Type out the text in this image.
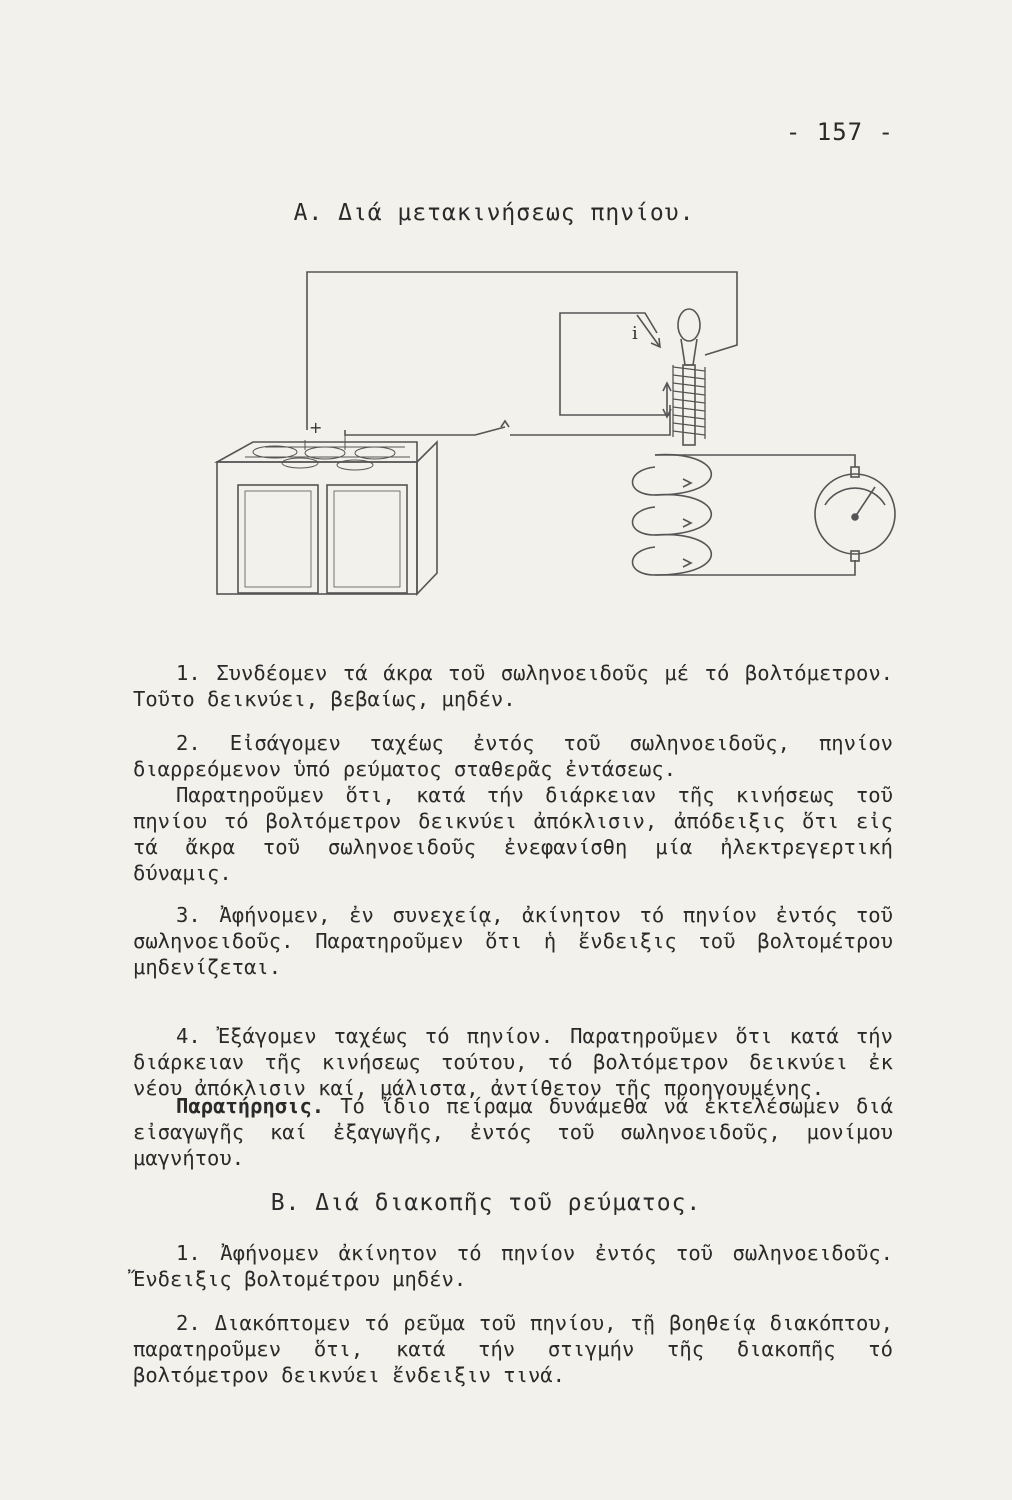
- 157 -
A. Διά μετακινήσεως πηνίου.
i
+

1. Συνδέομεν τά άκρα τοῦ σωληνοειδοῦς μέ τό βολτόμετρον. Τοῦτο δεικνύει, βεβαίως, μηδέν.

2. Εἰσάγομεν ταχέως ἐντός τοῦ σωληνοειδοῦς, πηνίον διαρρεόμενον ὑπό ρεύματος σταθερᾶς ἐντάσεως.

Παρατηροῦμεν ὅτι, κατά τήν διάρκειαν τῆς κινήσεως τοῦ πηνίου τό βολτόμετρον δεικνύει ἀπόκλισιν, ἀπόδειξις ὅτι εἰς τά ἄκρα τοῦ σωληνοειδοῦς ἐνεφανίσθη μία ἠλεκτρεγερτική δύναμις.

3. Ἀφήνομεν, ἐν συνεχείᾳ, ἀκίνητον τό πηνίον ἐντός τοῦ σωληνοειδοῦς. Παρατηροῦμεν ὅτι ἡ ἔνδειξις τοῦ βολτομέτρου μηδενίζεται.

4. Ἐξάγομεν ταχέως τό πηνίον. Παρατηροῦμεν ὅτι κατά τήν διάρκειαν τῆς κινήσεως τούτου, τό βολτόμετρον δεικνύει ἐκ νέου ἀπόκλισιν καί, μάλιστα, ἀντίθετον τῆς προηγουμένης.

Παρατήρησις. Τό ἴδιο πείραμα δυνάμεθα νά ἐκτελέσωμεν διά εἰσαγωγῆς καί ἐξαγωγῆς, ἐντός τοῦ σωληνοειδοῦς, μονίμου μαγνήτου.

B. Διά διακοπῆς τοῦ ρεύματος.

1. Ἀφήνομεν ἀκίνητον τό πηνίον ἐντός τοῦ σωληνοειδοῦς. Ἔνδειξις βολτομέτρου μηδέν.

2. Διακόπτομεν τό ρεῦμα τοῦ πηνίου, τῇ βοηθείᾳ διακόπτου, παρατηροῦμεν ὅτι, κατά τήν στιγμήν τῆς διακοπῆς τό βολτόμετρον δεικνύει ἔνδειξιν τινά.
